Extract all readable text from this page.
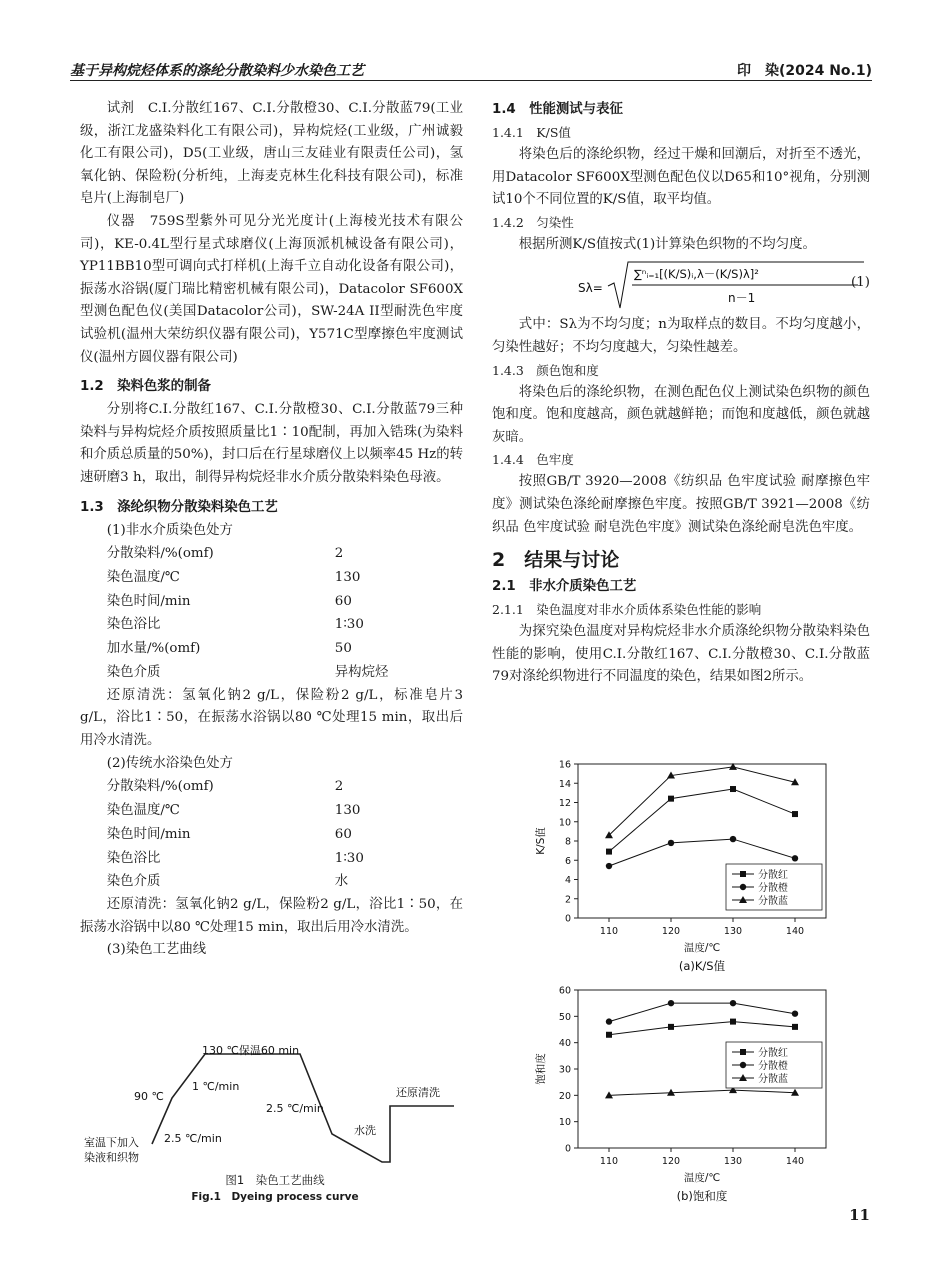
基于异构烷烃体系的涤纶分散染料少水染色工艺	印　染(2024 No.1)

试剂　C.I.分散红167、C.I.分散橙30、C.I.分散蓝79(工业级，浙江龙盛染料化工有限公司)，异构烷烃(工业级，广州诚毅化工有限公司)，D5(工业级，唐山三友硅业有限责任公司)，氢氧化钠、保险粉(分析纯，上海麦克林生化科技有限公司)，标准皂片(上海制皂厂)

仪器　759S型紫外可见分光光度计(上海棱光技术有限公司)，KE-0.4L型行星式球磨仪(上海顶派机械设备有限公司)，YP11BB10型可调向式打样机(上海千立自动化设备有限公司)，振荡水浴锅(厦门瑞比精密机械有限公司)，Datacolor SF600X型测色配色仪(美国Datacolor公司)，SW-24A II型耐洗色牢度试验机(温州大荣纺织仪器有限公司)，Y571C型摩擦色牢度测试仪(温州方圆仪器有限公司)

1.2　染料色浆的制备

分别将C.I.分散红167、C.I.分散橙30、C.I.分散蓝79三种染料与异构烷烃介质按照质量比1∶10配制，再加入锆珠(为染料和介质总质量的50%)，封口后在行星球磨仪上以频率45 Hz的转速研磨3 h，取出，制得异构烷烃非水介质分散染料染色母液。

1.3　涤纶织物分散染料染色工艺

(1)非水介质染色处方

分散染料/%(omf)	2
染色温度/℃	130
染色时间/min	60
染色浴比	1∶30
加水量/%(omf)	50
染色介质	异构烷烃

还原清洗：氢氧化钠2 g/L，保险粉2 g/L，标准皂片3 g/L，浴比1∶50，在振荡水浴锅以80 ℃处理15 min，取出后用冷水清洗。

(2)传统水浴染色处方

分散染料/%(omf)	2
染色温度/℃	130
染色时间/min	60
染色浴比	1∶30
染色介质	水

还原清洗：氢氧化钠2 g/L，保险粉2 g/L，浴比1∶50，在振荡水浴锅中以80 ℃处理15 min，取出后用冷水清洗。

(3)染色工艺曲线

130 ℃保温60 min
90 ℃
1 ℃/min
2.5 ℃/min
2.5 ℃/min
室温下加入
染液和织物
水洗
还原清洗
图1　染色工艺曲线
Fig.1　Dyeing process curve
1.4　性能测试与表征
1.4.1　K/S值

将染色后的涤纶织物，经过干燥和回潮后，对折至不透光，用Datacolor SF600X型测色配色仪以D65和10°视角，分别测试10个不同位置的K/S值，取平均值。

1.4.2　匀染性

根据所测K/S值按式(1)计算染色织物的不均匀度。

Sλ=
∑ⁿᵢ₌₁[(K/S)ᵢ,λ－(K/S)λ]²
n－1
(1)

式中：Sλ为不均匀度；n为取样点的数目。不均匀度越小，匀染性越好；不均匀度越大，匀染性越差。

1.4.3　颜色饱和度

将染色后的涤纶织物，在测色配色仪上测试染色织物的颜色饱和度。饱和度越高，颜色就越鲜艳；而饱和度越低，颜色就越灰暗。

1.4.4　色牢度

按照GB/T 3920—2008《纺织品 色牢度试验 耐摩擦色牢度》测试染色涤纶耐摩擦色牢度。按照GB/T 3921—2008《纺织品 色牢度试验 耐皂洗色牢度》测试染色涤纶耐皂洗色牢度。

2　结果与讨论
2.1　非水介质染色工艺
2.1.1　染色温度对非水介质体系染色性能的影响

为探究染色温度对异构烷烃非水介质涤纶织物分散染料染色性能的影响，使用C.I.分散红167、C.I.分散橙30、C.I.分散蓝79对涤纶织物进行不同温度的染色，结果如图2所示。

0
2
4
6
8
10
12
14
16
110	120	130	140
温度/℃
K/S值
(a)K/S值
分散红
分散橙
分散蓝
0
10
20
30
40
50
60
110	120	130	140
温度/℃
饱和度
(b)饱和度
分散红
分散橙
分散蓝
11
